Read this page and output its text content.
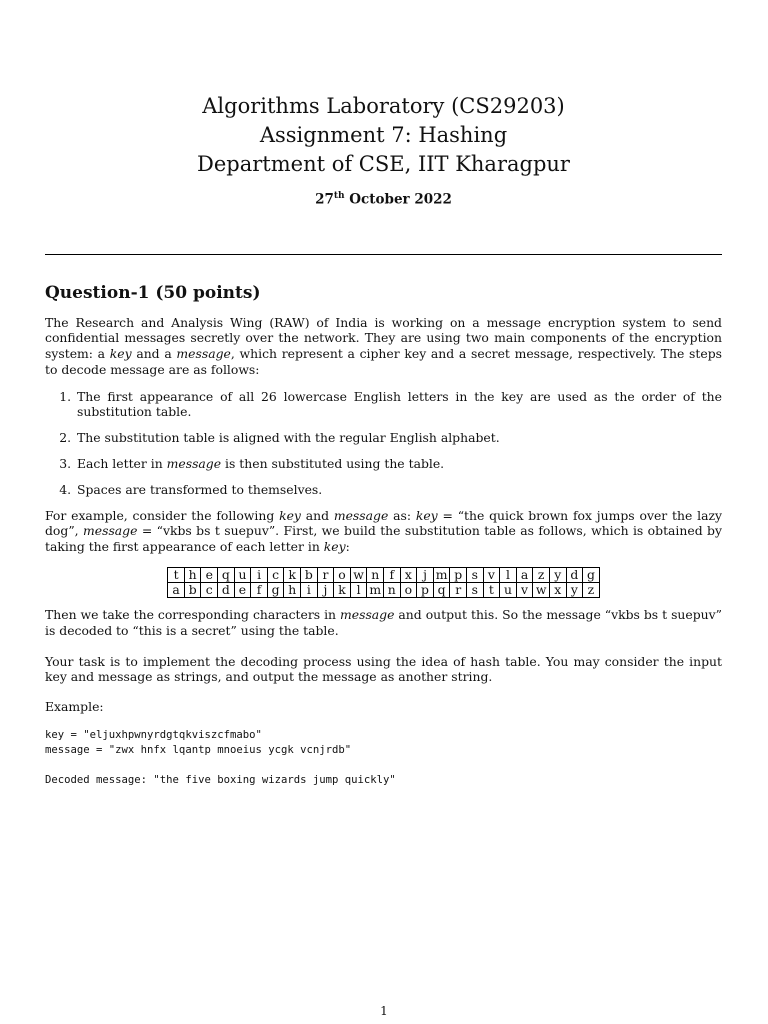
Algorithms Laboratory (CS29203)
Assignment 7: Hashing
Department of CSE, IIT Kharagpur
27th October 2022
Question-1 (50 points)

The Research and Analysis Wing (RAW) of India is working on a message encryption system to send confidential messages secretly over the network. They are using two main components of the encryption system: a key and a message, which represent a cipher key and a secret message, respectively. The steps to decode message are as follows:

1. The first appearance of all 26 lowercase English letters in the key are used as the order of the substitution table.
2. The substitution table is aligned with the regular English alphabet.
3. Each letter in message is then substituted using the table.
4. Spaces are transformed to themselves.

For example, consider the following key and message as: key = “the quick brown fox jumps over the lazy dog”, message = “vkbs bs t suepuv”. First, we build the substitution table as follows, which is obtained by taking the first appearance of each letter in key:

t	h	e	q	u	i	c	k	b	r	o	w	n	f	x	j	m	p	s	v	l	a	z	y	d	g
a	b	c	d	e	f	g	h	i	j	k	l	m	n	o	p	q	r	s	t	u	v	w	x	y	z

Then we take the corresponding characters in message and output this. So the message “vkbs bs t suepuv” is decoded to “this is a secret” using the table.

Your task is to implement the decoding process using the idea of hash table. You may consider the input key and message as strings, and output the message as another string.

Example:

key = "eljuxhpwnyrdgtqkviszcfmabo"
message = "zwx hnfx lqantp mnoeius ycgk vcnjrdb"
Decoded message: "the five boxing wizards jump quickly"
1
